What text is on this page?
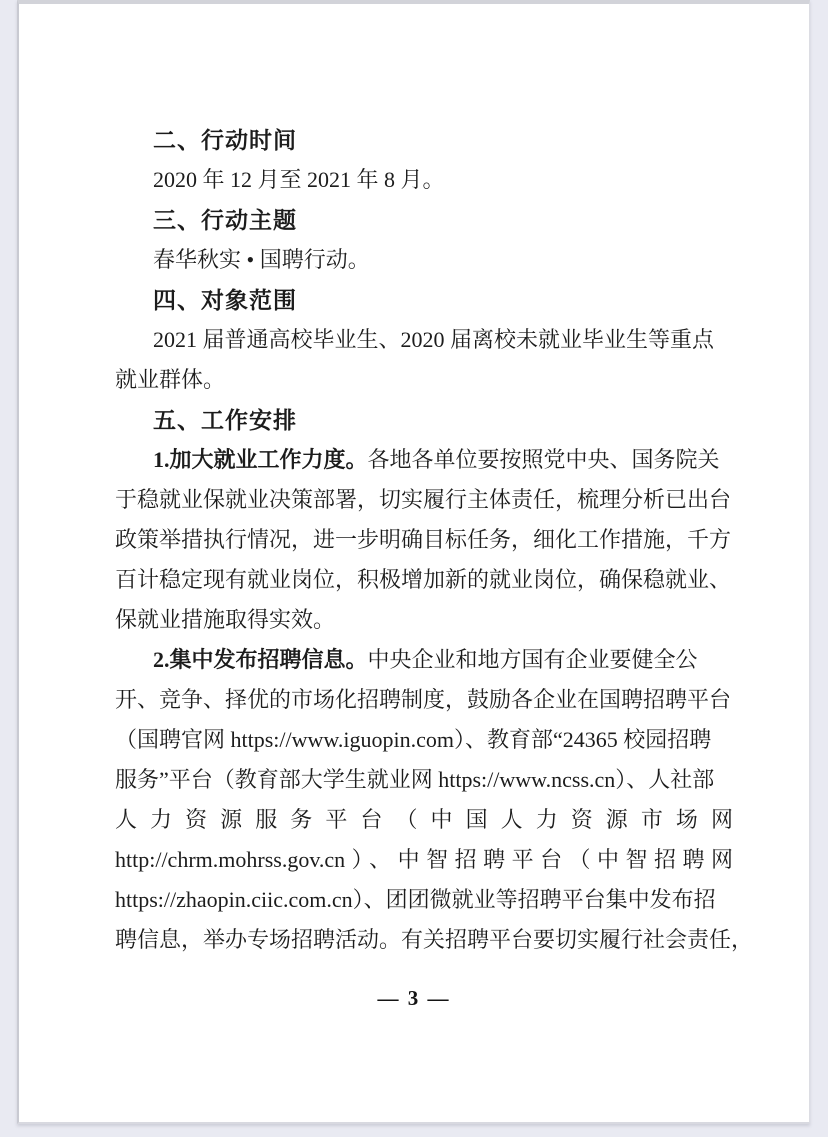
二、行动时间
2020 年 12 月至 2021 年 8 月。
三、行动主题
春华秋实 • 国聘行动。
四、对象范围
2021 届普通高校毕业生、2020 届离校未就业毕业生等重点
就业群体。
五、工作安排
1.加大就业工作力度。各地各单位要按照党中央、国务院关
于稳就业保就业决策部署，切实履行主体责任，梳理分析已出台
政策举措执行情况，进一步明确目标任务，细化工作措施，千方
百计稳定现有就业岗位，积极增加新的就业岗位，确保稳就业、
保就业措施取得实效。
2.集中发布招聘信息。中央企业和地方国有企业要健全公
开、竞争、择优的市场化招聘制度，鼓励各企业在国聘招聘平台
（国聘官网 https://www.iguopin.com）、教育部“24365 校园招聘
服务”平台（教育部大学生就业网 https://www.ncss.cn）、人社部
人力资源服务平台（中国人力资源市场网
http://chrm.mohrss.gov.cn）、中智招聘平台（中智招聘网
https://zhaopin.ciic.com.cn）、团团微就业等招聘平台集中发布招
聘信息，举办专场招聘活动。有关招聘平台要切实履行社会责任，
— 3 —
